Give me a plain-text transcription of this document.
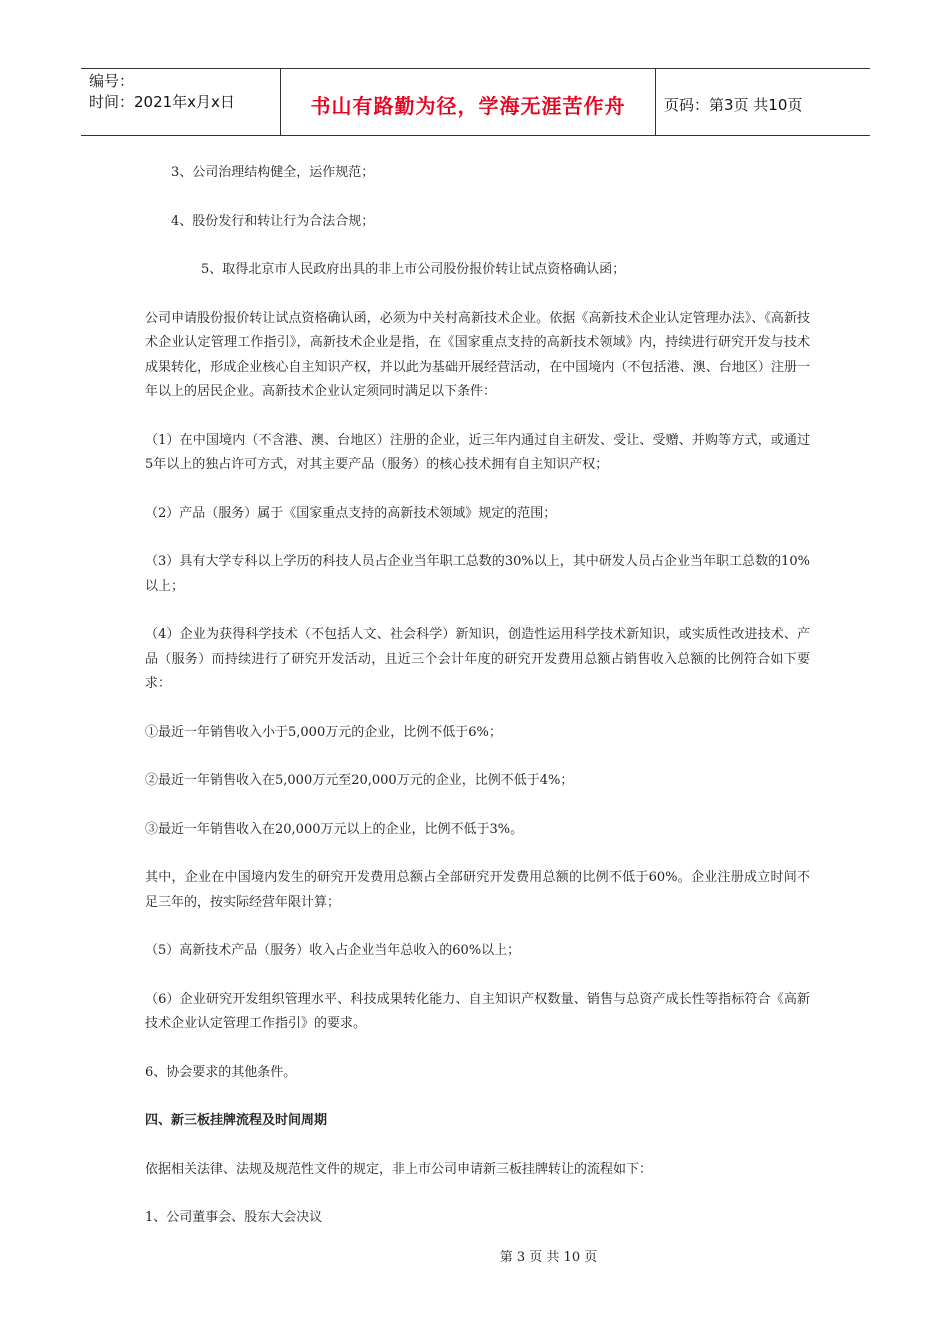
编号：
时间：2021年x月x日	书山有路勤为径，学海无涯苦作舟	页码：第3页 共10页

3、公司治理结构健全，运作规范；

4、股份发行和转让行为合法合规；

5、取得北京市人民政府出具的非上市公司股份报价转让试点资格确认函；

公司申请股份报价转让试点资格确认函，必须为中关村高新技术企业。依据《高新技术企业认定管理办法》、《高新技术企业认定管理工作指引》，高新技术企业是指，在《国家重点支持的高新技术领域》内，持续进行研究开发与技术成果转化，形成企业核心自主知识产权，并以此为基础开展经营活动，在中国境内（不包括港、澳、台地区）注册一年以上的居民企业。高新技术企业认定须同时满足以下条件：

（1）在中国境内（不含港、澳、台地区）注册的企业，近三年内通过自主研发、受让、受赠、并购等方式，或通过5年以上的独占许可方式，对其主要产品（服务）的核心技术拥有自主知识产权；

（2）产品（服务）属于《国家重点支持的高新技术领域》规定的范围；

（3）具有大学专科以上学历的科技人员占企业当年职工总数的30%以上，其中研发人员占企业当年职工总数的10%以上；

（4）企业为获得科学技术（不包括人文、社会科学）新知识，创造性运用科学技术新知识，或实质性改进技术、产品（服务）而持续进行了研究开发活动，且近三个会计年度的研究开发费用总额占销售收入总额的比例符合如下要求：

①最近一年销售收入小于5,000万元的企业，比例不低于6%；

②最近一年销售收入在5,000万元至20,000万元的企业，比例不低于4%；

③最近一年销售收入在20,000万元以上的企业，比例不低于3%。

其中，企业在中国境内发生的研究开发费用总额占全部研究开发费用总额的比例不低于60%。企业注册成立时间不足三年的，按实际经营年限计算；

（5）高新技术产品（服务）收入占企业当年总收入的60%以上；

（6）企业研究开发组织管理水平、科技成果转化能力、自主知识产权数量、销售与总资产成长性等指标符合《高新技术企业认定管理工作指引》的要求。

6、协会要求的其他条件。

四、新三板挂牌流程及时间周期

依据相关法律、法规及规范性文件的规定，非上市公司申请新三板挂牌转让的流程如下：

1、公司董事会、股东大会决议

第 3 页 共 10 页
